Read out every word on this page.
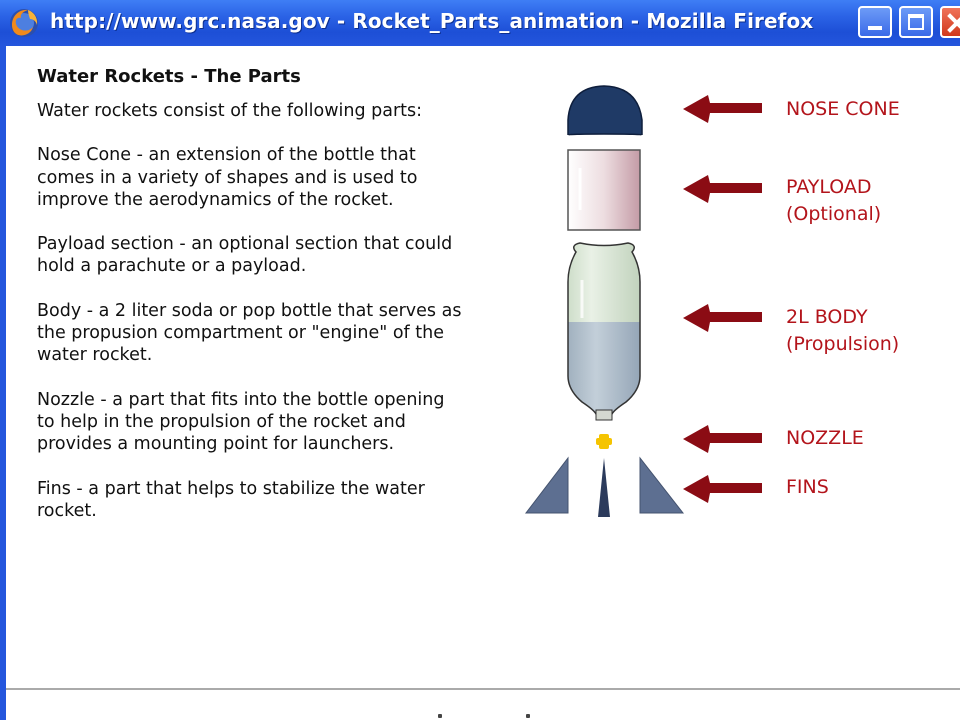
http://www.grc.nasa.gov - Rocket_Parts_animation - Mozilla Firefox
Water Rockets - The Parts

Water rockets consist of the following parts:

Nose Cone - an extension of the bottle that comes in a variety of shapes and is used to improve the aerodynamics of the rocket.

Payload section - an optional section that could hold a parachute or a payload.

Body - a 2 liter soda or pop bottle that serves as the propusion compartment or "engine" of the water rocket.

Nozzle - a part that fits into the bottle opening to help in the propulsion of the rocket and provides a mounting point for launchers.

Fins - a part that helps to stabilize the water rocket.

NOSE CONE
PAYLOAD
(Optional)
2L BODY
(Propulsion)
NOZZLE
FINS
